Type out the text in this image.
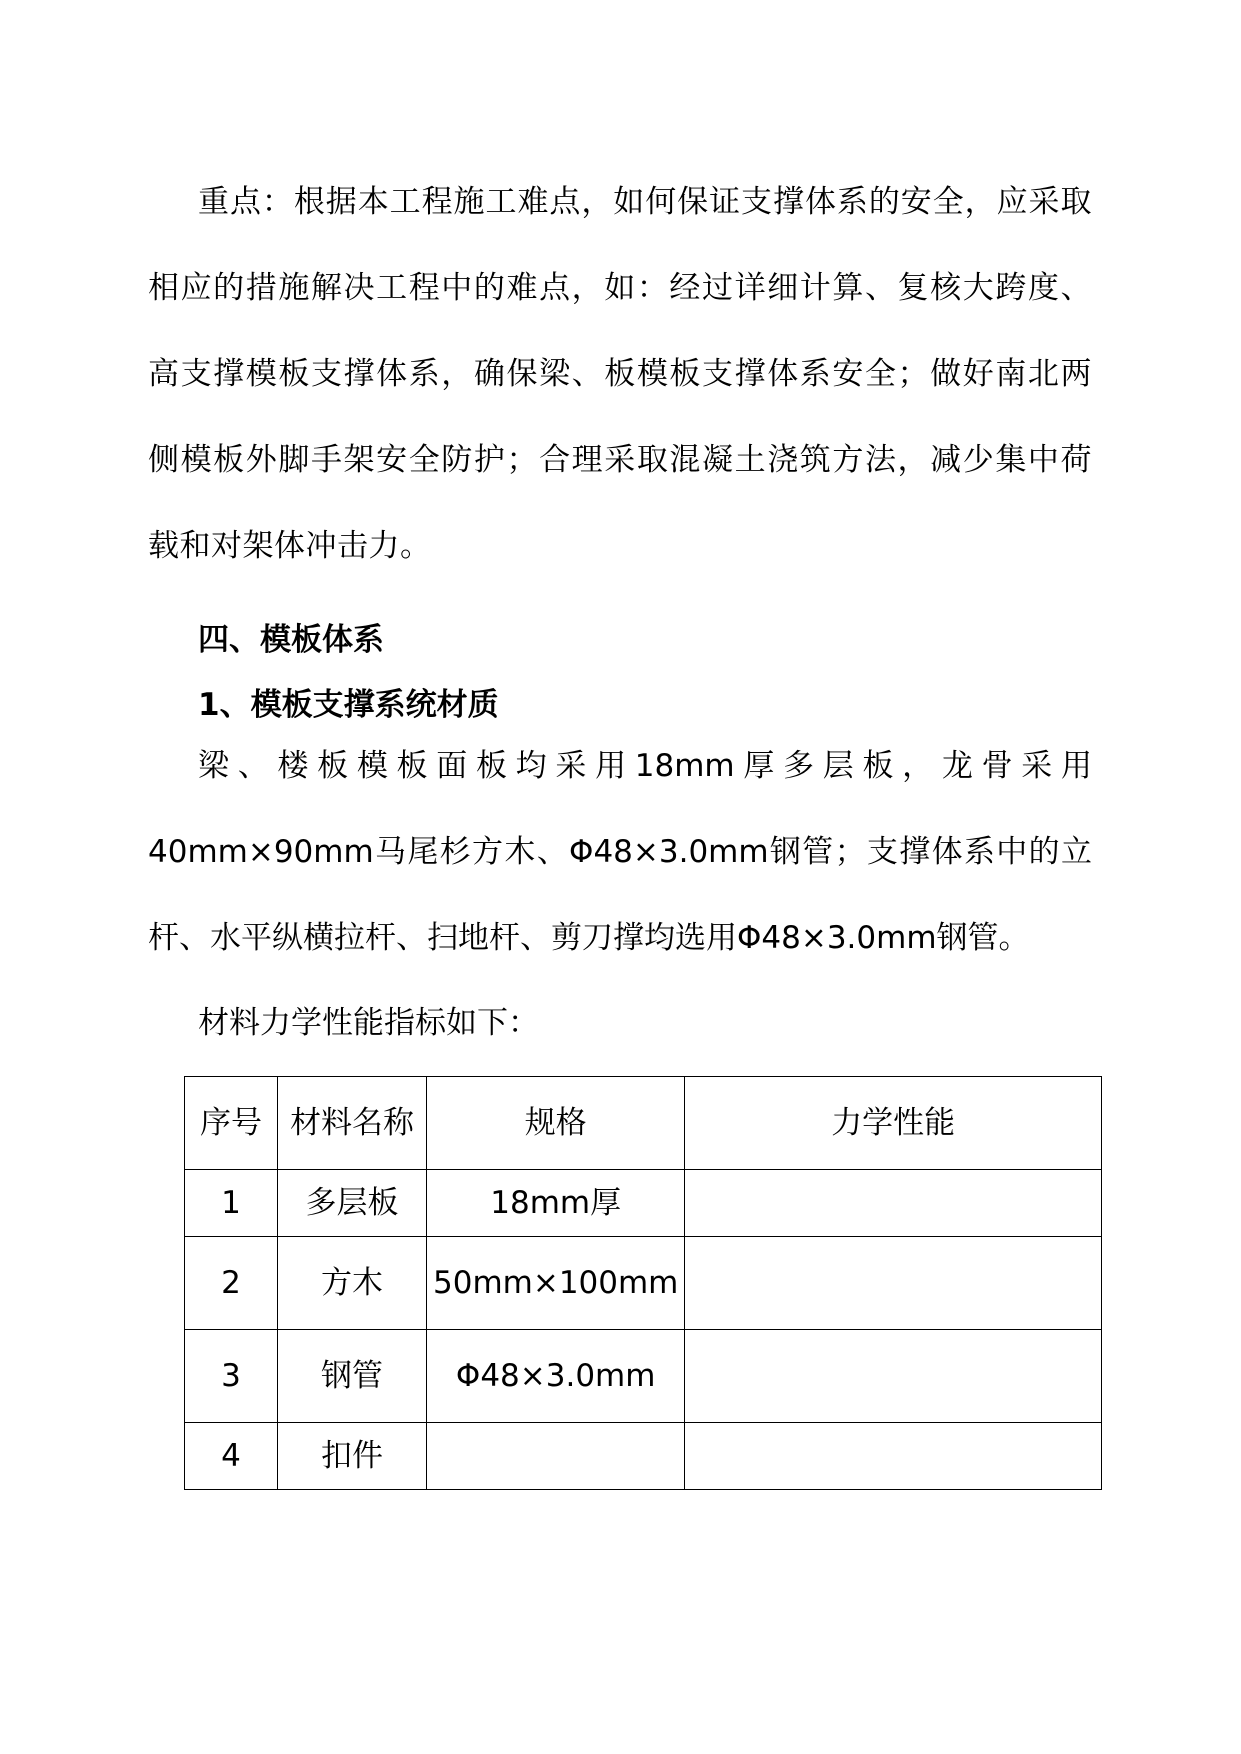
重点：根据本工程施工难点，如何保证支撑体系的安全，应采取相应的措施解决工程中的难点，如：经过详细计算、复核大跨度、高支撑模板支撑体系，确保梁、板模板支撑体系安全；做好南北两侧模板外脚手架安全防护；合理采取混凝土浇筑方法，减少集中荷载和对架体冲击力。

四、模板体系
1、模板支撑系统材质

梁、楼板模板面板均采用18mm厚多层板，龙骨采用40mm×90mm马尾杉方木、Φ48×3.0mm钢管；支撑体系中的立杆、水平纵横拉杆、扫地杆、剪刀撑均选用Φ48×3.0mm钢管。

材料力学性能指标如下：
序号	材料名称	规格	力学性能
1	多层板	18mm厚	
2	方木	50mm×100mm	
3	钢管	Φ48×3.0mm	
4	扣件		
